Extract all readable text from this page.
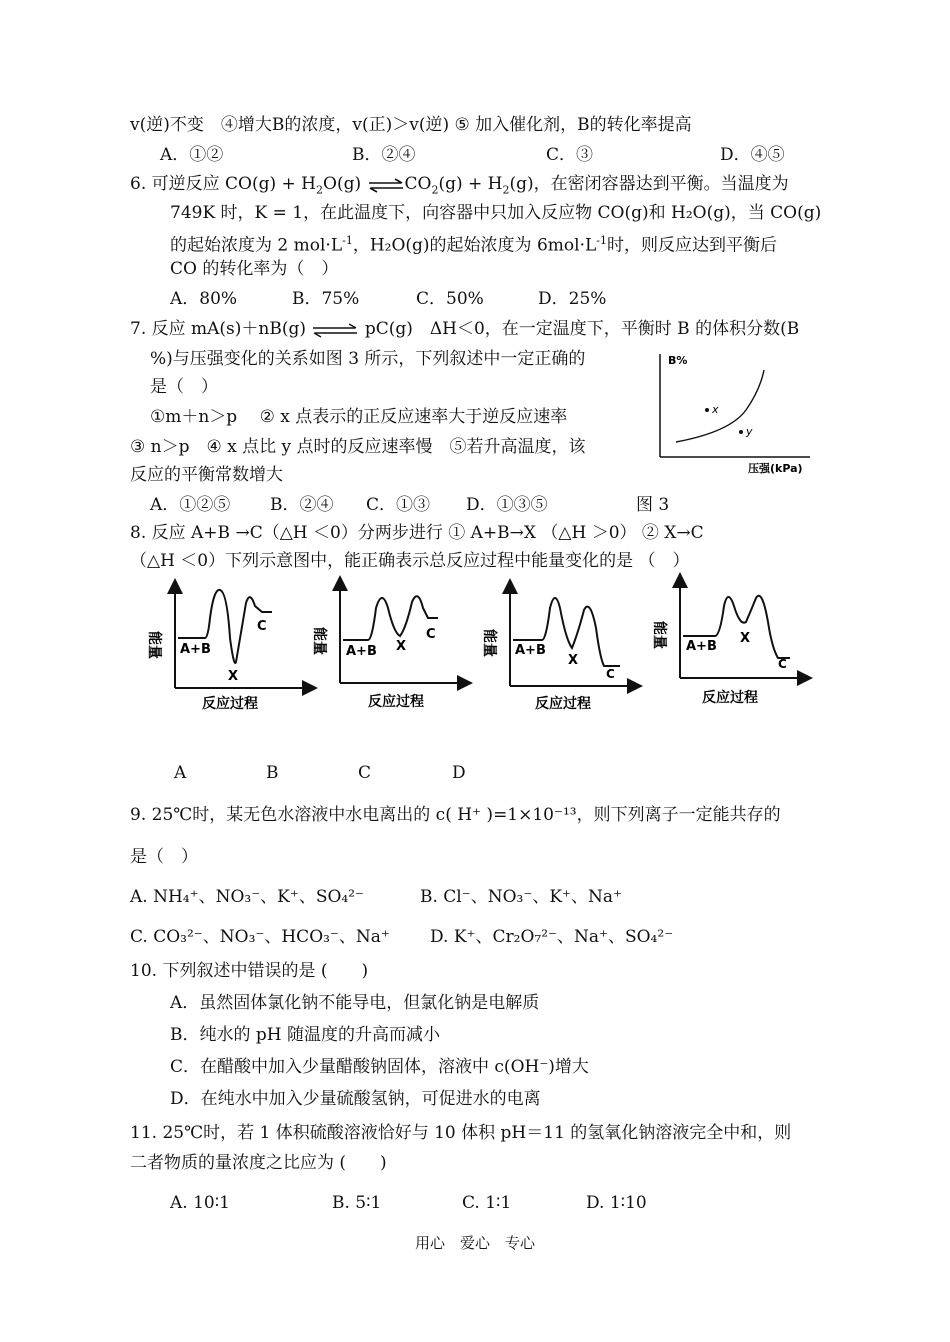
v(逆)不变　④增大B的浓度，v(正)＞v(逆) ⑤ 加入催化剂，B的转化率提高
A．①②	B．②④	C．③	D．④⑤
6. 可逆反应 $CO(g) + H_2O(g)$ $\rightleftharpoons CO_2(g) + H_2(g)$，在密闭容器达到平衡。当温度为
749K 时，K = 1，在此温度下，向容器中只加入反应物 CO(g)和 H₂O(g)，当 CO(g)
的起始浓度为 2 $mol\cdot L^{-1}$，H₂O(g)的起始浓度为 $6mol\cdot L^{-1}$时，则反应达到平衡后
CO 的转化率为（　）
A．80%	B．75%	C．50%	D．25%
7. 反应 mA(s)＋nB(g) ⇌ pC(g)　ΔH＜0，在一定温度下，平衡时 B 的体积分数(B
%)与压强变化的关系如图 3 所示，下列叙述中一定正确的
是（　）
①m＋n＞p　 ② x 点表示的正反应速率大于逆反应速率
③ n＞p　④ x 点比 y 点时的反应速率慢　⑤若升高温度，该
反应的平衡常数增大
A．①②⑤ B．②④ C．①③ D．①③⑤	图 3
B%
x
y
压强(kPa)
8. 反应 A+B →C（△H ＜0）分两步进行 ① A+B→X （△H ＞0） ② X→C
（△H ＜0）下列示意图中，能正确表示总反应过程中能量变化的是 （　）
能量 A+B
X
C
反应过程
能量 A+B X
C
反应过程
能量 A+B
X
C
反应过程
能量 A+B
X
C
反应过程
A	B	C	D
9. 25℃时，某无色水溶液中水电离出的 c( H⁺ )=1×10⁻¹³，则下列离子一定能共存的
是（　）
A. NH₄⁺、NO₃⁻、K⁺、SO₄²⁻	B. Cl⁻、NO₃⁻、K⁺、Na⁺
C. CO₃²⁻、NO₃⁻、HCO₃⁻、Na⁺ D. K⁺、Cr₂O₇²⁻、Na⁺、SO₄²⁻
10. 下列叙述中错误的是 (　　)
A．虽然固体氯化钠不能导电，但氯化钠是电解质
B．纯水的 pH 随温度的升高而减小
C．在醋酸中加入少量醋酸钠固体，溶液中 c(OH⁻)增大
D．在纯水中加入少量硫酸氢钠，可促进水的电离
11. 25℃时，若 1 体积硫酸溶液恰好与 10 体积 pH＝11 的氢氧化钠溶液完全中和，则
二者物质的量浓度之比应为 (　　)
A. 10∶1	B. 5∶1	C. 1∶1	D. 1∶10
用心　爱心　专心
